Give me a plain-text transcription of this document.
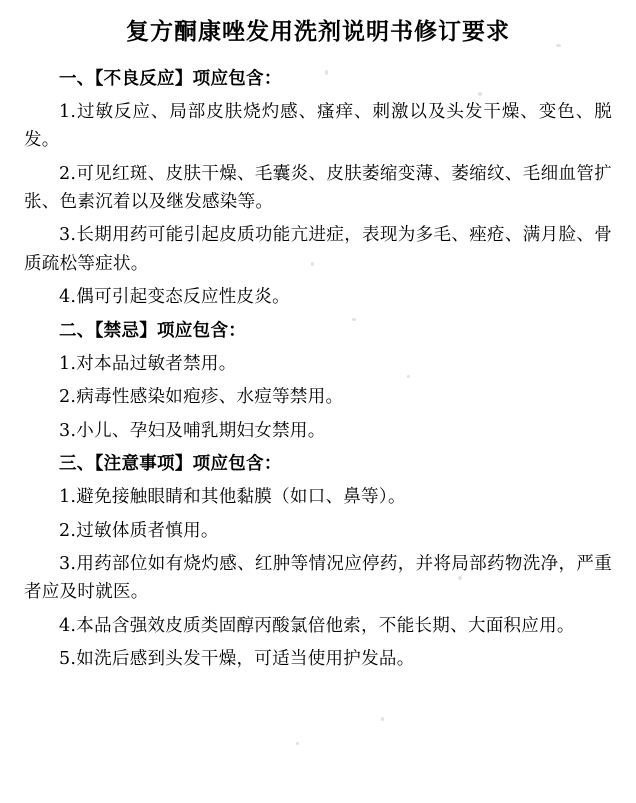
复方酮康唑发用洗剂说明书修订要求

一、【不良反应】项应包含：

1.过敏反应、局部皮肤烧灼感、瘙痒、刺激以及头发干燥、变色、脱发。

2.可见红斑、皮肤干燥、毛囊炎、皮肤萎缩变薄、萎缩纹、毛细血管扩张、色素沉着以及继发感染等。

3.长期用药可能引起皮质功能亢进症，表现为多毛、痤疮、满月脸、骨质疏松等症状。

4.偶可引起变态反应性皮炎。

二、【禁忌】项应包含：

1.对本品过敏者禁用。

2.病毒性感染如疱疹、水痘等禁用。

3.小儿、孕妇及哺乳期妇女禁用。

三、【注意事项】项应包含：

1.避免接触眼睛和其他黏膜（如口、鼻等）。

2.过敏体质者慎用。

3.用药部位如有烧灼感、红肿等情况应停药，并将局部药物洗净，严重者应及时就医。

4.本品含强效皮质类固醇丙酸氯倍他索，不能长期、大面积应用。

5.如洗后感到头发干燥，可适当使用护发品。
